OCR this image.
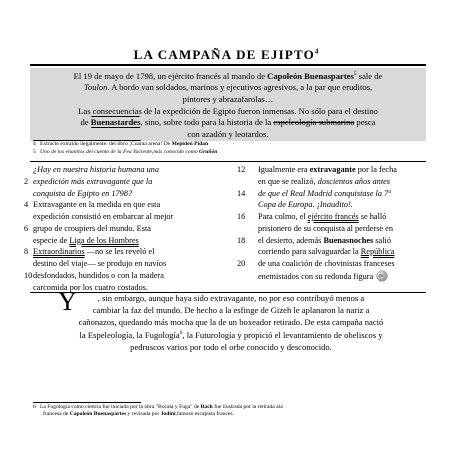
LA CAMPAÑA DE EJIPTO$^4$
El 19 de mayo de 1798, un ejército francés al mando de Capoleón Buenaspartes$^5$ sale de
Toulon. A bordo van soldados, marinos y ejecutivos agresivos, a la par que eruditos,
pintores y abrazafarolas…
Las consecuencias de la expedición de Egipto fueron inmensas. No sólo para el destino
de Buenastardes, sino, sobre todo para la historia de la espeleología submarina pesca
con azadón y leotardos.
4 Extracto extraído ilegalmente. del libro ¡Cuanta arena! De Mepiden Pidan
5 Uno de los enanitos del cuento de la Fea Yaciente,más conocido como Gruñón
¿Hay en nuestra historia humana una
2 expedición más extravagante que la
conquista de Egipto en 1798?
4 Extravagante en la medida en que esta
expedición consistió en embarcar al mejor
6 grupo de croupiers del mundo. Esta
especie de Liga de los Hombres
8 Extraordinarios —no se les reveló el
destino del viaje— se produjo en navíos
10 desfondados, hundidos o con la madera
carcomida por los cuatro costados.
12 Igualmente era extravagante por la fecha
en que se realizó, doscientos años antes
14 de que el Real Madrid conquistase la 7ª
Copa de Europa. ¡Inaudito!.
16 Para colmo, el ejército francés se halló
prisionero de su conquista al perderse en
18 el desierto, además Buenasnoches salió
corriendo para salvaguardar la República
20 de una coalición de chovinistas franceses
enemistados con su redonda figura
Y	, sin embargo, aunque haya sido extravagante, no por eso contribuyó menos a
cambiar la faz del mundo. De hecho a la esfinge de Gizeh le aplanaron la nariz a
cañonazos, quedando más mocha que la de un boxeador retirado. De esta campaña nació
la Espeleología, la Fugología$^6$, la Futurología y propició el levantamiento de obeliscos y
pedruscos varios por todo el orbe conocido y desconocido.
6 La Fugología como ciencia fue iniciada por la obra "Bocata y Fuga" de Bach fue ilustrada por la retirada ala
francesa de Capoleón Buenaspartes y revisada por Jodini,famoso escapista frances.
